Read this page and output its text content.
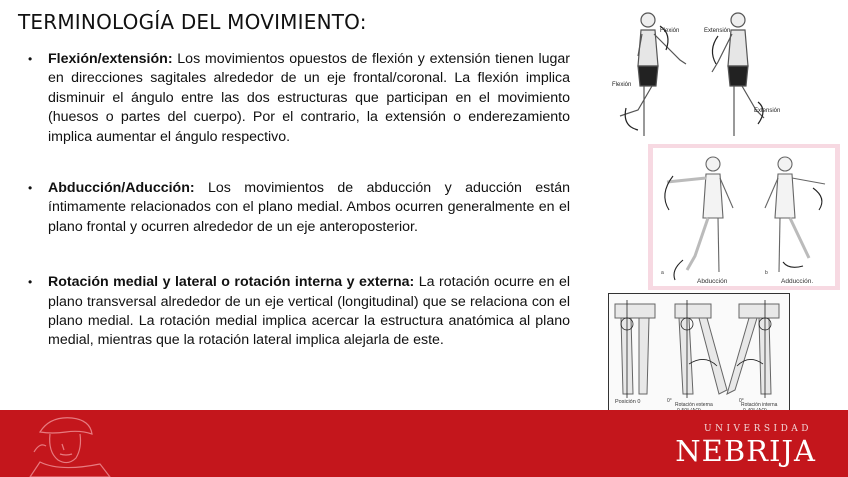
TERMINOLOGÍA DEL MOVIMIENTO:
• Flexión/extensión: Los movimientos opuestos de flexión y extensión tienen lugar en direcciones sagitales alrededor de un eje frontal/coronal. La flexión implica disminuir el ángulo entre las dos estructuras que participan en el movimiento (huesos o partes del cuerpo). Por el contrario, la extensión o enderezamiento implica aumentar el ángulo respectivo.
• Abducción/Aducción: Los movimientos de abducción y aducción están íntimamente relacionados con el plano medial. Ambos ocurren generalmente en el plano frontal y ocurren alrededor de un eje anteroposterior.
• Rotación medial y lateral o rotación interna y externa: La rotación ocurre en el plano transversal alrededor de un eje vertical (longitudinal) que se relaciona con el plano medial. La rotación medial implica acercar la estructura anatómica al plano medial, mientras que la rotación lateral implica alejarla de este.
Flexión
Flexión
Extensión
Extensión
a	b
Abducción	Adducción.
Posición 0	0°	0°
Rotación externa	Rotación interna
UNIVERSIDAD
NEBRIJA
